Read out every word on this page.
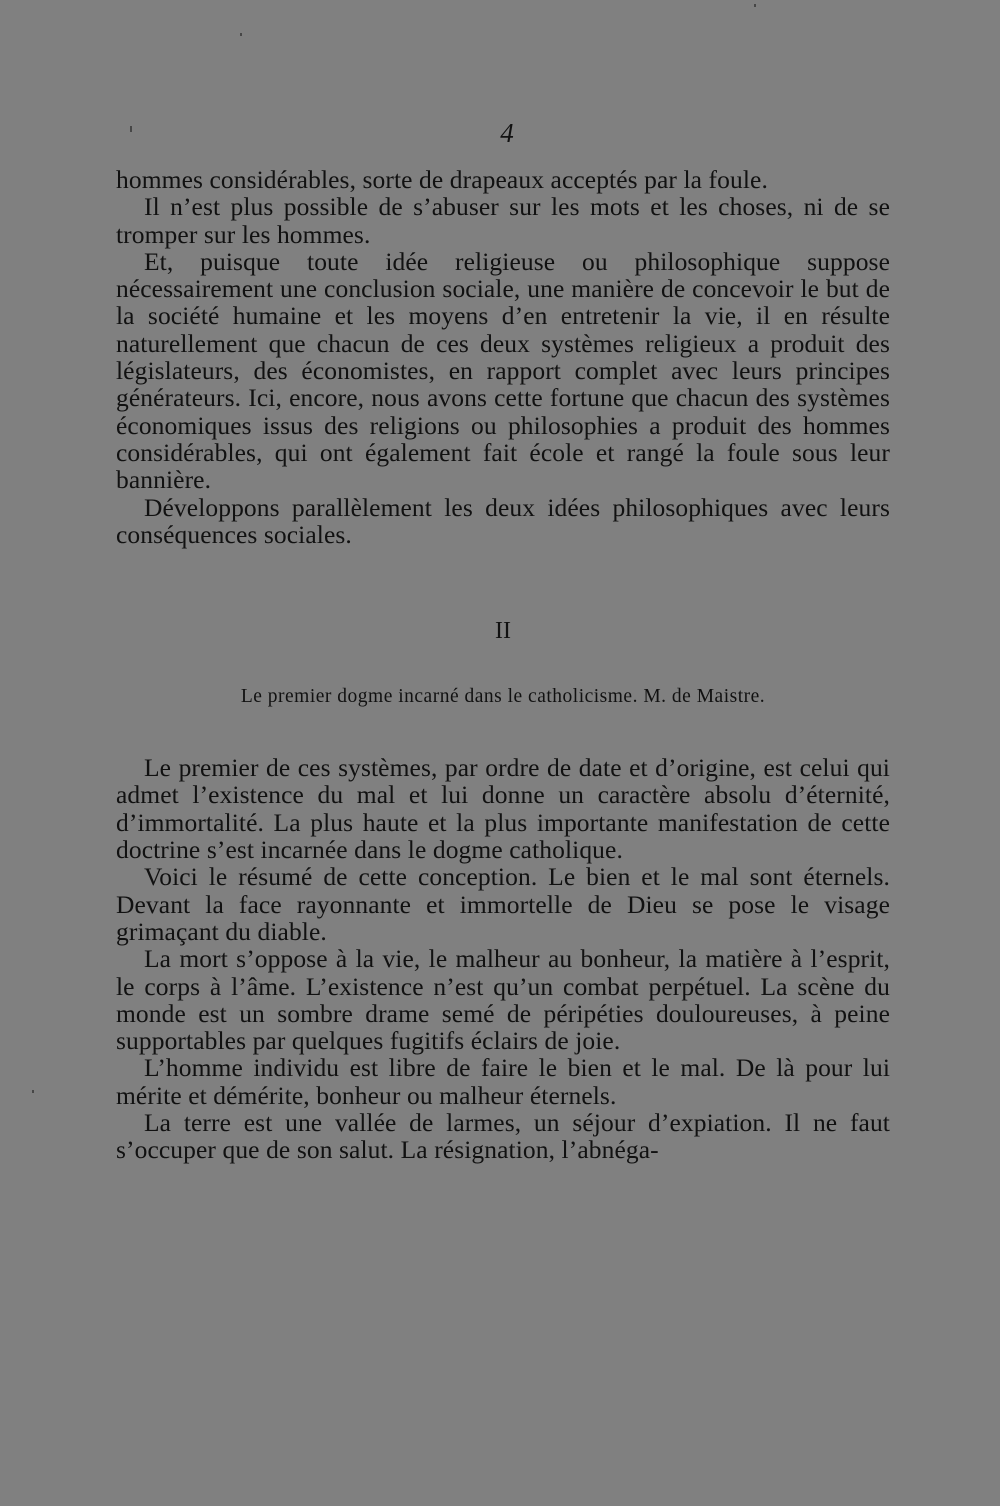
4

hommes considérables, sorte de drapeaux acceptés par la foule.

Il n’est plus possible de s’abuser sur les mots et les choses, ni de se tromper sur les hommes.

Et, puisque toute idée religieuse ou philosophique suppose nécessairement une conclusion sociale, une manière de concevoir le but de la société humaine et les moyens d’en entretenir la vie, il en résulte naturellement que chacun de ces deux systèmes religieux a produit des législateurs, des économistes, en rapport complet avec leurs principes générateurs. Ici, encore, nous avons cette fortune que chacun des systèmes économiques issus des religions ou philosophies a produit des hommes considérables, qui ont également fait école et rangé la foule sous leur bannière.

Développons parallèlement les deux idées philosophiques avec leurs conséquences sociales.

II
Le premier dogme incarné dans le catholicisme. M. de Maistre.

Le premier de ces systèmes, par ordre de date et d’origine, est celui qui admet l’existence du mal et lui donne un caractère absolu d’éternité, d’immortalité. La plus haute et la plus importante manifestation de cette doctrine s’est incarnée dans le dogme catholique.

Voici le résumé de cette conception. Le bien et le mal sont éternels. Devant la face rayonnante et immortelle de Dieu se pose le visage grimaçant du diable.

La mort s’oppose à la vie, le malheur au bonheur, la matière à l’esprit, le corps à l’âme. L’existence n’est qu’un combat perpétuel. La scène du monde est un sombre drame semé de péripéties douloureuses, à peine supportables par quelques fugitifs éclairs de joie.

L’homme individu est libre de faire le bien et le mal. De là pour lui mérite et démérite, bonheur ou malheur éternels.

La terre est une vallée de larmes, un séjour d’expiation. Il ne faut s’occuper que de son salut. La résignation, l’abnéga-
